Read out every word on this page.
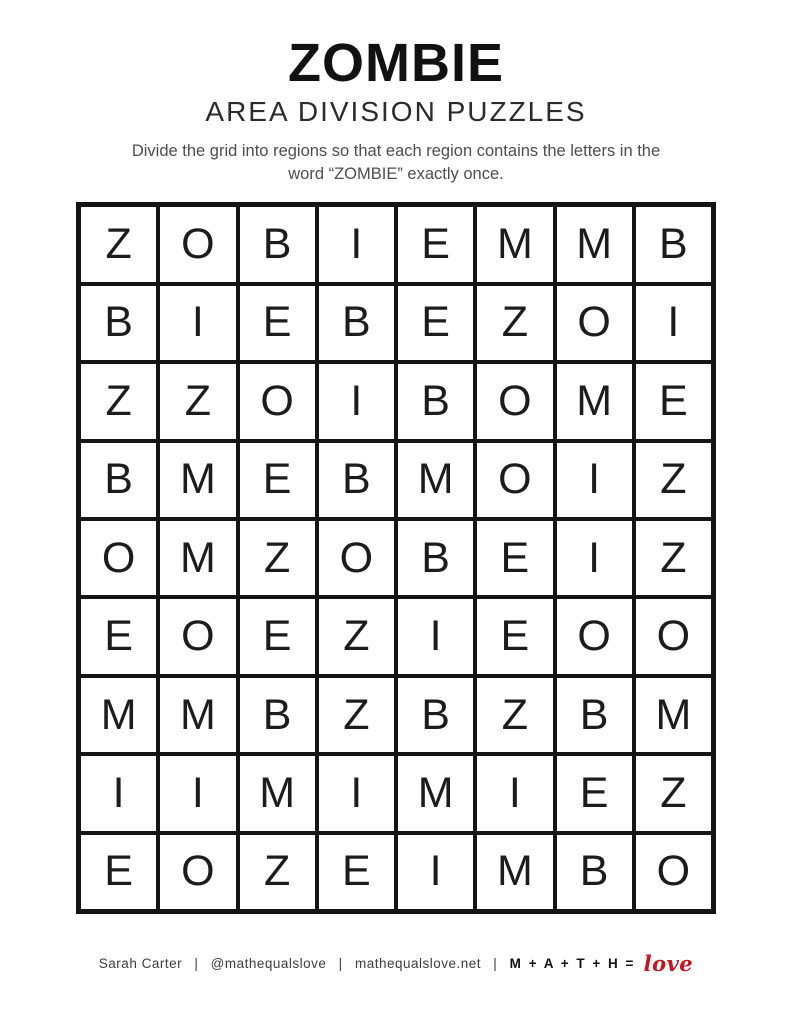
ZOMBIE
AREA DIVISION PUZZLES
Divide the grid into regions so that each region contains the letters in the
word “ZOMBIE” exactly once.
Z	O	B	I	E	M	M	B
B	I	E	B	E	Z	O	I
Z	Z	O	I	B	O	M	E
B	M	E	B	M	O	I	Z
O	M	Z	O	B	E	I	Z
E	O	E	Z	I	E	O	O
M	M	B	Z	B	Z	B	M
I	I	M	I	M	I	E	Z
E	O	Z	E	I	M	B	O
Sarah Carter | @mathequalslove | mathequalslove.net | M + A + T + H = love
